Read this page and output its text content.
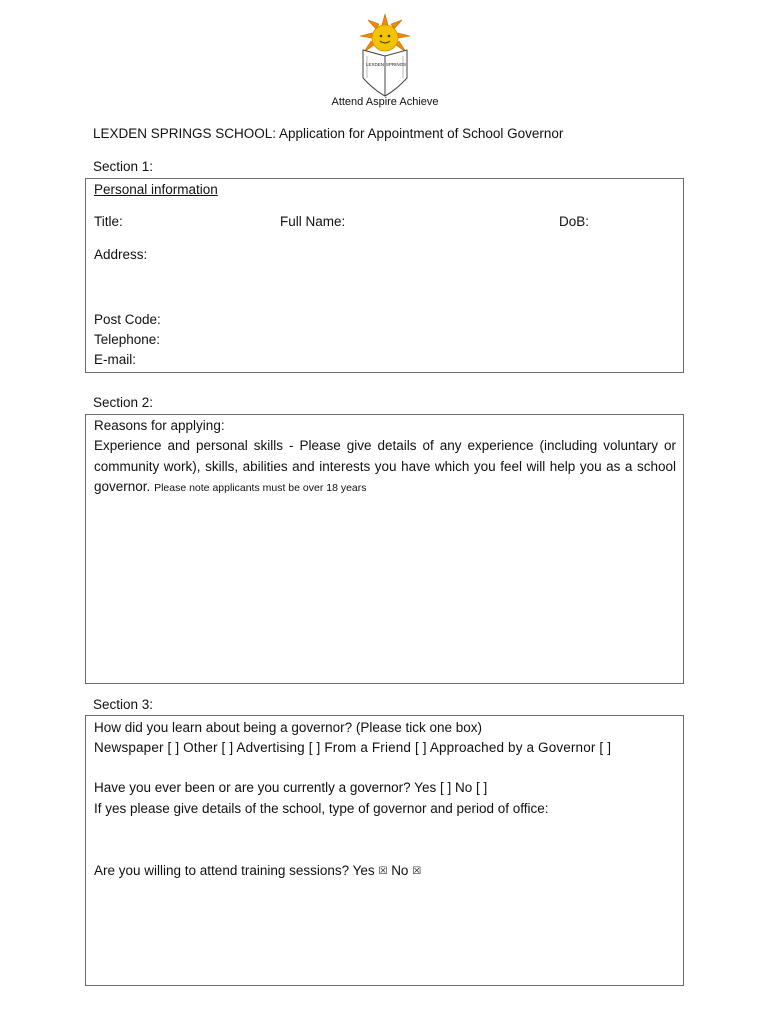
LEXDEN SPRINGS
Attend Aspire Achieve
LEXDEN SPRINGS SCHOOL: Application for Appointment of School Governor
Section 1:
Personal information
Title:	Full Name:	DoB:
Address:
Post Code:
Telephone:
E-mail:
Section 2:
Reasons for applying:
Experience and personal skills - Please give details of any experience (including voluntary or community work), skills, abilities and interests you have which you feel will help you as a school governor. Please note applicants must be over 18 years
Section 3:
How did you learn about being a governor? (Please tick one box)
Newspaper [ ] Other [ ] Advertising [ ] From a Friend [ ] Approached by a Governor [ ]
Have you ever been or are you currently a governor? Yes [ ] No [ ]
If yes please give details of the school, type of governor and period of office:
Are you willing to attend training sessions? Yes ☒ No ☒
